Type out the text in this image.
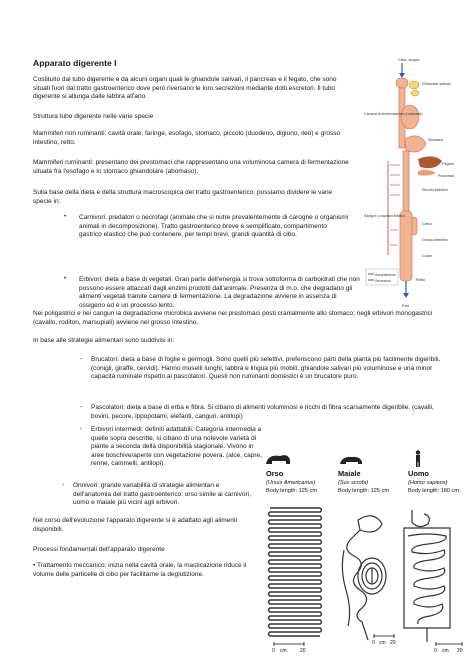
Apparato digerente I

Costituito dal tubo digerente e da alcuni organi quali le ghiandole salivari, il pancreas e il fegato, che sono situati fuori dal tratto gastroenterico dove però riversano le loro secrezioni mediante dotti escretori. Il tubo digerente si allunga dalle labbra all'ano.

Struttura tubo digerente nelle varie specie

Mammiferi non ruminanti: cavità orale, faringe, esofago, stomaco, piccolo (duodeno, digiuno, ileo) e grosso intestino, retto.

Mammiferi ruminanti: presentano dei prestomaci che rappresentano una voluminosa camera di fermentazione situata fra l'esofago e lo stomaco ghiandolare (abomaso).

Sulla base della dieta e della struttura macroscopica del tratto gastroenterico, possiamo dividere le varie specie in:

• Carnivori: predatori o necrofagi (animale che si nutre prevalentemente di carogne o organismi animali in decomposizione). Tratto gastroenterico breve e semplificato, compartimento gastrico elastico che può contenere, per tempi brevi, grandi quantità di cibo.

• Erbivori: dieta a base di vegetali. Gran parte dell'energia si trova sottoforma di carboidrati che non possono essere attaccati dagli enzimi prodotti dall'animale. Presenza di m.o. che degradano gli alimenti vegetali tramite camere di fermentazione. La degradazione avviene in assenza di ossigeno ed è un processo lento.

Nei poligastrici e nei canguri la degradazione microbica avviene nei prestomaci posti cranialmente allo stomaco; negli erbivori monogastrici (cavallo, roditori, marsupiali) avviene nel grosso intestino.

In base alle strategie alimentari sono suddivisi in:

- Brucatori: dieta a base di foglie e germogli. Sono quelli più selettivi, preferiscono parti della pianta più facilmente digeribili. (conigli, giraffe, cervidi). Hanno muselli lunghi, labbra e lingua più mobili, ghiandole salivari più voluminose e una minor capacità ruminale rispetto ai pascolatori. Questi non ruminanti domestici è un brucatore puro.

- Pascolatori: dieta a base di erba e fibra. Si cibano di alimenti voluminosi e ricchi di fibra scarsamente digeribile. (cavalli, bovini, pecore, ippopotami, elefanti, canguri, antilopi)

- Erbivori intermedi: definiti adattabili. Categoria intermedia a quelle sopra descritte, si cibano di una notevole varietà di piante a seconda della disponibilità stagionale. Vivono in aree boschive/aperte con vegetazione povera. (alce, capre, renne, cammelli, antilopi)

- Onnivori: grande variabilità di strategie alimentari e dell'anatomia del tratto gastroenterico: orso simile ai carnivori, uomo e maiale più vicini agli erbivori.

Nel corso dell'evoluzione l'apparato digerente si è adattato agli alimenti disponibili.

Processi fondamentali dell'apparato digerente

• Trattamento meccanico: inizia nella cavità orale, la masticazione riduce il volume delle particelle di cibo per facilitarne la deglutizione.

Assorbimento
Secrezioni
Cibo, acqua
Ghiandole salivari
Camera di fermentazione (ruminanti)
Stomaco
Fegato
Pancreas
Piccolo intestino
Sangue o capillari linfatici
Cieco
Grosso intestino
Colon
Retto
Feci
Orso
(Ursus Americanus)
Body length: 125 cm
Maiale
(Sus scrofa)
Body length: 125 cm
Uomo
(Homo sapiens)
Body length: 180 cm
0 cm	20
0 cm 20
0 cm 20
